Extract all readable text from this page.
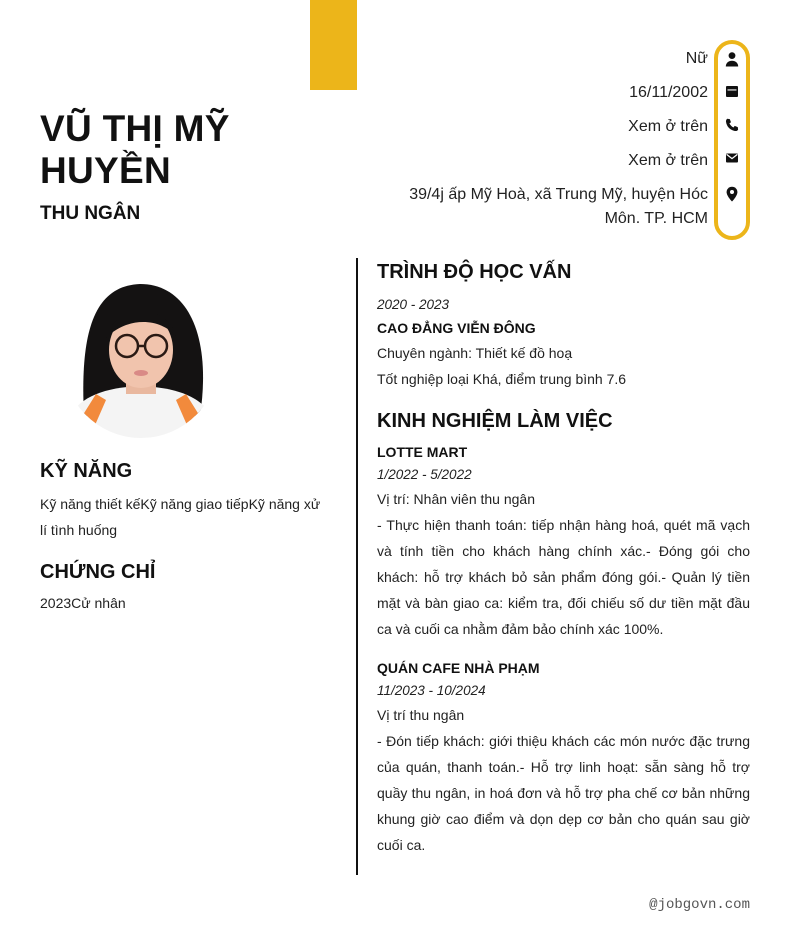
VŨ THỊ MỸ HUYỀN
THU NGÂN
Nữ
16/11/2002
Xem ở trên
Xem ở trên
39/4j ấp Mỹ Hoà, xã Trung Mỹ, huyện Hóc
Môn. TP. HCM
KỸ NĂNG
Kỹ năng thiết kếKỹ năng giao tiếpKỹ năng xử lí tình huống
CHỨNG CHỈ
2023Cử nhân
TRÌNH ĐỘ HỌC VẤN
2020 - 2023
CAO ĐẲNG VIỄN ĐÔNG
Chuyên ngành: Thiết kế đồ hoạ
Tốt nghiệp loại Khá, điểm trung bình 7.6
KINH NGHIỆM LÀM VIỆC
LOTTE MART
1/2022 - 5/2022
Vị trí: Nhân viên thu ngân
- Thực hiện thanh toán: tiếp nhận hàng hoá, quét mã vạch và tính tiền cho khách hàng chính xác.- Đóng gói cho khách: hỗ trợ khách bỏ sản phẩm đóng gói.- Quản lý tiền mặt và bàn giao ca: kiểm tra, đối chiếu số dư tiền mặt đầu ca và cuối ca nhằm đảm bảo chính xác 100%.
QUÁN CAFE NHÀ PHẠM
11/2023 - 10/2024
Vị trí thu ngân
- Đón tiếp khách: giới thiệu khách các món nước đặc trưng của quán, thanh toán.- Hỗ trợ linh hoạt: sẵn sàng hỗ trợ quầy thu ngân, in hoá đơn và hỗ trợ pha chế cơ bản những khung giờ cao điểm và dọn dẹp cơ bản cho quán sau giờ cuối ca.
@jobgovn.com
